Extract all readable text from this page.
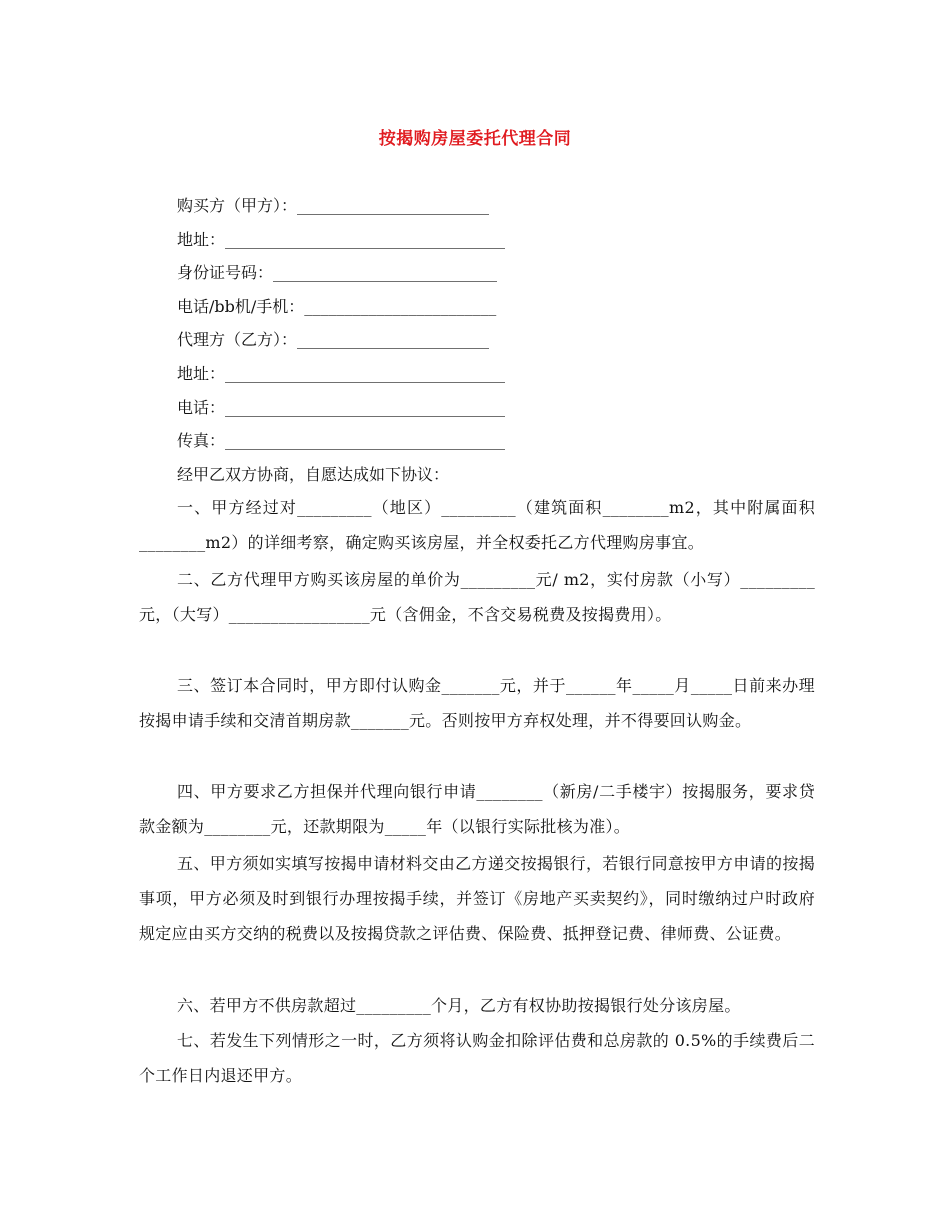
按揭购房屋委托代理合同
购买方（甲方）：________________________
地址：___________________________________
身份证号码：____________________________
电话/bb机/手机：________________________
代理方（乙方）：________________________
地址：___________________________________
电话：___________________________________
传真：___________________________________
经甲乙双方协商，自愿达成如下协议：
一、甲方经过对_________（地区）_________（建筑面积________m2，其中附属面积________m2）的详细考察，确定购买该房屋，并全权委托乙方代理购房事宜。
二、乙方代理甲方购买该房屋的单价为_________元/ m2，实付房款（小写）_________元，（大写）_________________元（含佣金，不含交易税费及按揭费用）。
三、签订本合同时，甲方即付认购金_______元，并于______年_____月_____日前来办理按揭申请手续和交清首期房款_______元。否则按甲方弃权处理，并不得要回认购金。
四、甲方要求乙方担保并代理向银行申请________（新房/二手楼宇）按揭服务，要求贷款金额为________元，还款期限为_____年（以银行实际批核为准）。
五、甲方须如实填写按揭申请材料交由乙方递交按揭银行，若银行同意按甲方申请的按揭事项，甲方必须及时到银行办理按揭手续，并签订《房地产买卖契约》，同时缴纳过户时政府规定应由买方交纳的税费以及按揭贷款之评估费、保险费、抵押登记费、律师费、公证费。
六、若甲方不供房款超过_________个月，乙方有权协助按揭银行处分该房屋。
七、若发生下列情形之一时，乙方须将认购金扣除评估费和总房款的 0.5%的手续费后二个工作日内退还甲方。
